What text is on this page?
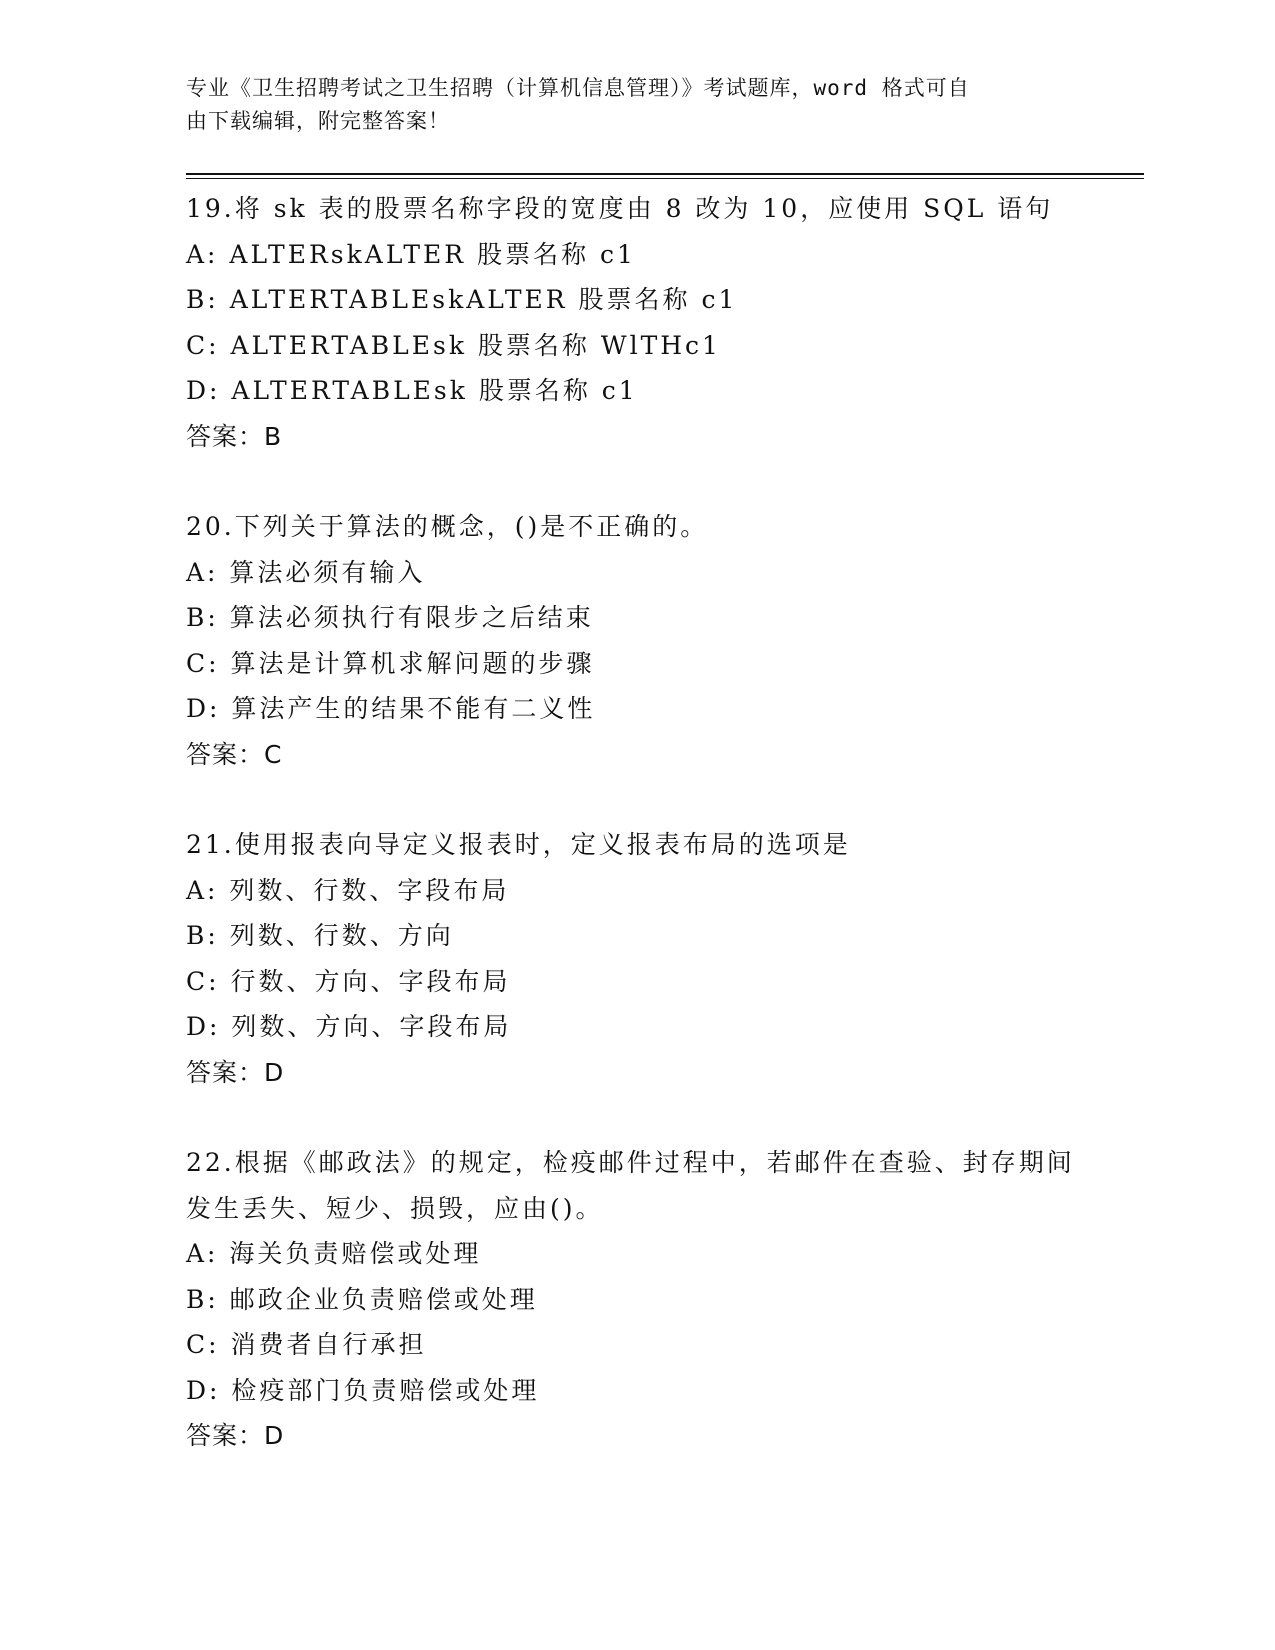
专业《卫生招聘考试之卫生招聘（计算机信息管理）》考试题库，word 格式可自
由下载编辑，附完整答案！
19.将 sk 表的股票名称字段的宽度由 8 改为 10，应使用 SQL 语句
A: ALTERskALTER 股票名称 c1
B: ALTERTABLEskALTER 股票名称 c1
C: ALTERTABLEsk 股票名称 WlTHc1
D: ALTERTABLEsk 股票名称 c1
答案：B
20.下列关于算法的概念，()是不正确的。
A: 算法必须有输入
B: 算法必须执行有限步之后结束
C: 算法是计算机求解问题的步骤
D: 算法产生的结果不能有二义性
答案：C
21.使用报表向导定义报表时，定义报表布局的选项是
A: 列数、行数、字段布局
B: 列数、行数、方向
C: 行数、方向、字段布局
D: 列数、方向、字段布局
答案：D
22.根据《邮政法》的规定，检疫邮件过程中，若邮件在查验、封存期间发生丢失、短少、损毁，应由()。
A: 海关负责赔偿或处理
B: 邮政企业负责赔偿或处理
C: 消费者自行承担
D: 检疫部门负责赔偿或处理
答案：D
